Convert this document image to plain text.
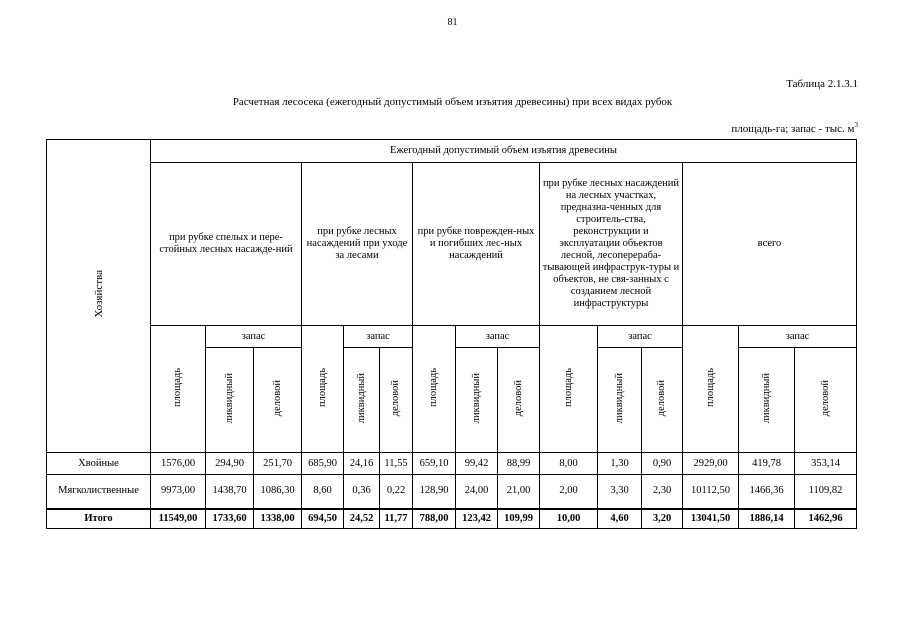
81
Таблица 2.1.3.1
Расчетная лесосека (ежегодный допустимый объем изъятия древесины) при всех видах рубок
площадь-га; запас - тыс. $м^3$
Хозяйства	Ежегодный допустимый объем изъятия древесины														
	при рубке спелых и пере-стойных лесных насажде-ний			при рубке лесных насаждений при уходе за лесами			при рубке поврежден-ных и погибших лес-ных насаждений			при рубке лесных насаждений на лесных участках, предназна-ченных для строитель-ства, реконструкции и эксплуатации объектов лесной, лесоперераба-тывающей инфраструк-туры и объектов, не свя-занных с созданием лесной инфраструктуры			всего		
	площадь	запас		площадь	запас		площадь	запас		площадь	запас		площадь	запас	
		ликвидный	деловой		ликвидный	деловой		ликвидный	деловой		ликвидный	деловой		ликвидный	деловой
Хвойные	1576,00	294,90	251,70	685,90	24,16	11,55	659,10	99,42	88,99	8,00	1,30	0,90	2929,00	419,78	353,14
Мягколиственные	9973,00	1438,70	1086,30	8,60	0,36	0,22	128,90	24,00	21,00	2,00	3,30	2,30	10112,50	1466,36	1109,82
Итого	11549,00	1733,60	1338,00	694,50	24,52	11,77	788,00	123,42	109,99	10,00	4,60	3,20	13041,50	1886,14	1462,96
